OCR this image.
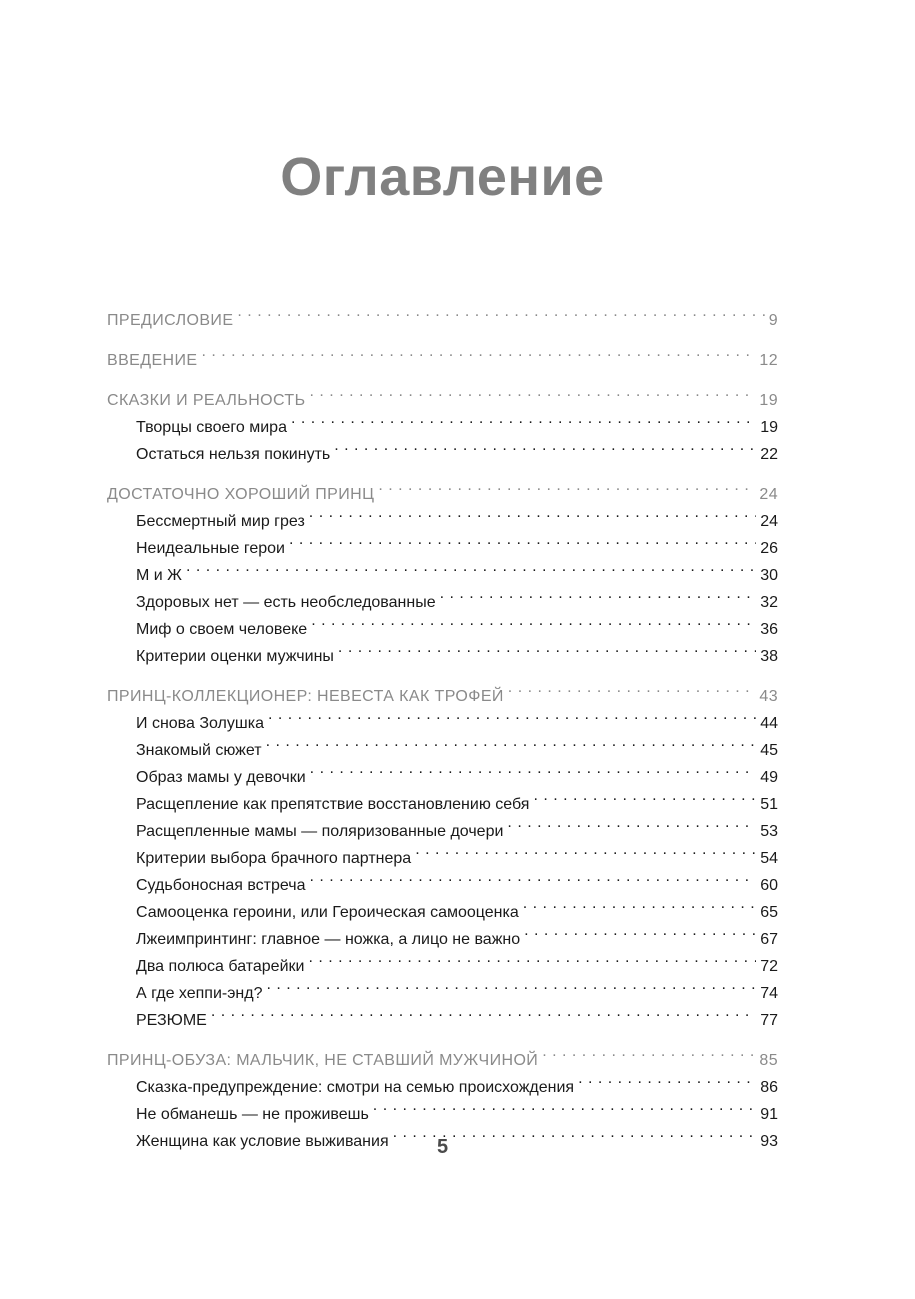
Оглавление
ПРЕДИСЛОВИЕ . . .	9
ВВЕДЕНИЕ . . .	12
СКАЗКИ И РЕАЛЬНОСТЬ . . .	19
Творцы своего мира . . .	19
Остаться нельзя покинуть . . .	22
ДОСТАТОЧНО ХОРОШИЙ ПРИНЦ . . .	24
Бессмертный мир грез . . .	24
Неидеальные герои . . .	26
М и Ж . . .	30
Здоровых нет — есть необследованные . . .	32
Миф о своем человеке . . .	36
Критерии оценки мужчины . . .	38
ПРИНЦ-КОЛЛЕКЦИОНЕР: НЕВЕСТА КАК ТРОФЕЙ . . .	43
И снова Золушка . . .	44
Знакомый сюжет . . .	45
Образ мамы у девочки . . .	49
Расщепление как препятствие восстановлению себя . . .	51
Расщепленные мамы — поляризованные дочери . . .	53
Критерии выбора брачного партнера . . .	54
Судьбоносная встреча . . .	60
Самооценка героини, или Героическая самооценка . . .	65
Лжеимпринтинг: главное — ножка, а лицо не важно . . .	67
Два полюса батарейки . . .	72
А где хеппи-энд? . . .	74
РЕЗЮМЕ . . .	77
ПРИНЦ-ОБУЗА: МАЛЬЧИК, НЕ СТАВШИЙ МУЖЧИНОЙ . . .	85
Сказка-предупреждение: смотри на семью происхождения . . .	86
Не обманешь — не проживешь . . .	91
Женщина как условие выживания . . .	93
5
